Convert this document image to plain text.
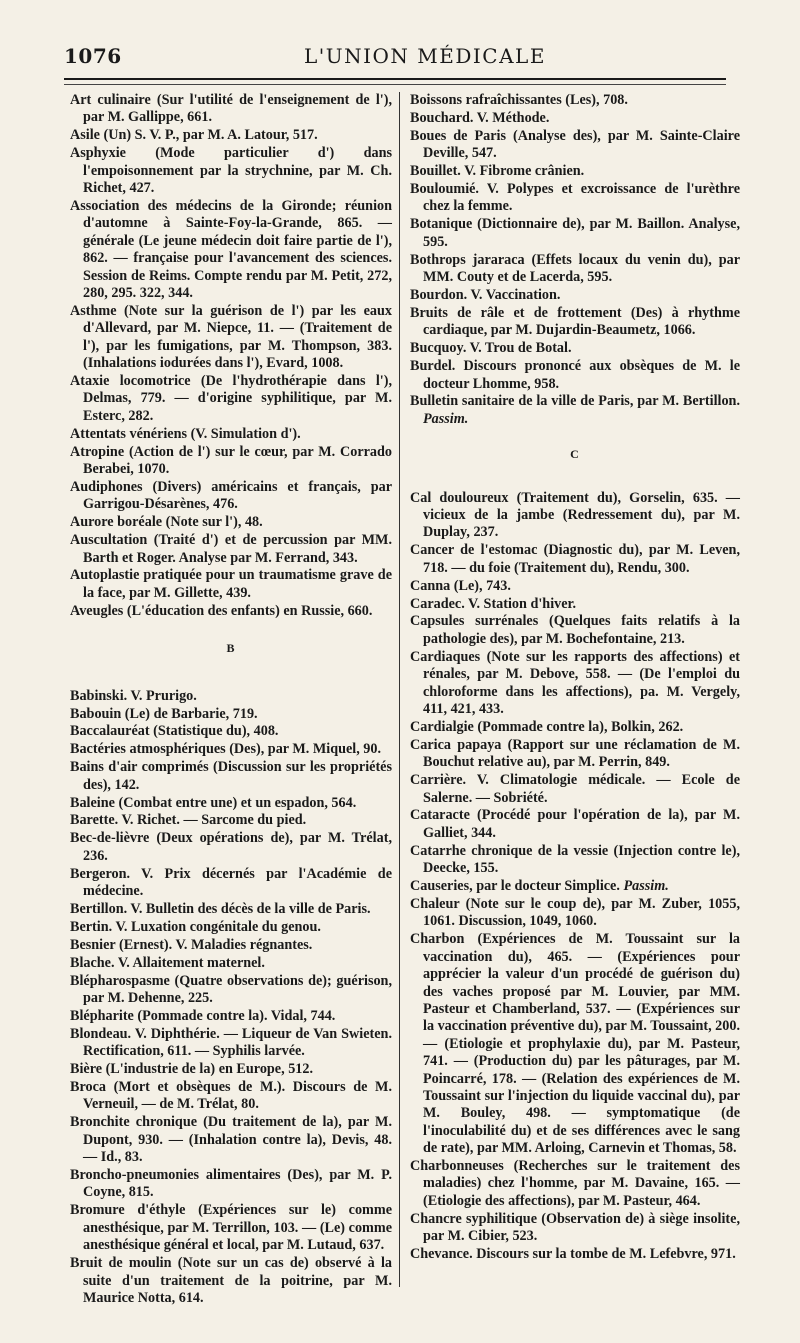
1076	L'UNION MÉDICALE
Art culinaire (Sur l'utilité de l'enseignement de l'), par M. Gallippe, 661.
Asile (Un) S. V. P., par M. A. Latour, 517.
Asphyxie (Mode particulier d') dans l'empoisonnement par la strychnine, par M. Ch. Richet, 427.
Association des médecins de la Gironde; réunion d'automne à Sainte-Foy-la-Grande, 865. — générale (Le jeune médecin doit faire partie de l'), 862. — française pour l'avancement des sciences. Session de Reims. Compte rendu par M. Petit, 272, 280, 295. 322, 344.
Asthme (Note sur la guérison de l') par les eaux d'Allevard, par M. Niepce, 11. — (Traitement de l'), par les fumigations, par M. Thompson, 383. (Inhalations iodurées dans l'), Evard, 1008.
Ataxie locomotrice (De l'hydrothérapie dans l'), Delmas, 779. — d'origine syphilitique, par M. Esterc, 282.
Attentats vénériens (V. Simulation d').
Atropine (Action de l') sur le cœur, par M. Corrado Berabei, 1070.
Audiphones (Divers) américains et français, par Garrigou-Désarènes, 476.
Aurore boréale (Note sur l'), 48.
Auscultation (Traité d') et de percussion par MM. Barth et Roger. Analyse par M. Ferrand, 343.
Autoplastie pratiquée pour un traumatisme grave de la face, par M. Gillette, 439.
Aveugles (L'éducation des enfants) en Russie, 660.
B
Babinski. V. Prurigo.
Babouin (Le) de Barbarie, 719.
Baccalauréat (Statistique du), 408.
Bactéries atmosphériques (Des), par M. Miquel, 90.
Bains d'air comprimés (Discussion sur les propriétés des), 142.
Baleine (Combat entre une) et un espadon, 564.
Barette. V. Richet. — Sarcome du pied.
Bec-de-lièvre (Deux opérations de), par M. Trélat, 236.
Bergeron. V. Prix décernés par l'Académie de médecine.
Bertillon. V. Bulletin des décès de la ville de Paris.
Bertin. V. Luxation congénitale du genou.
Besnier (Ernest). V. Maladies régnantes.
Blache. V. Allaitement maternel.
Blépharospasme (Quatre observations de); guérison, par M. Dehenne, 225.
Blépharite (Pommade contre la). Vidal, 744.
Blondeau. V. Diphthérie. — Liqueur de Van Swieten. Rectification, 611. — Syphilis larvée.
Bière (L'industrie de la) en Europe, 512.
Broca (Mort et obsèques de M.). Discours de M. Verneuil, — de M. Trélat, 80.
Bronchite chronique (Du traitement de la), par M. Dupont, 930. — (Inhalation contre la), Devis, 48. — Id., 83.
Broncho-pneumonies alimentaires (Des), par M. P. Coyne, 815.
Bromure d'éthyle (Expériences sur le) comme anesthésique, par M. Terrillon, 103. — (Le) comme anesthésique général et local, par M. Lutaud, 637.
Bruit de moulin (Note sur un cas de) observé à la suite d'un traitement de la poitrine, par M. Maurice Notta, 614.
Boissons rafraîchissantes (Les), 708.
Bouchard. V. Méthode.
Boues de Paris (Analyse des), par M. Sainte-Claire Deville, 547.
Bouillet. V. Fibrome crânien.
Bouloumié. V. Polypes et excroissance de l'urèthre chez la femme.
Botanique (Dictionnaire de), par M. Baillon. Analyse, 595.
Bothrops jararaca (Effets locaux du venin du), par MM. Couty et de Lacerda, 595.
Bourdon. V. Vaccination.
Bruits de râle et de frottement (Des) à rhythme cardiaque, par M. Dujardin-Beaumetz, 1066.
Bucquoy. V. Trou de Botal.
Burdel. Discours prononcé aux obsèques de M. le docteur Lhomme, 958.
Bulletin sanitaire de la ville de Paris, par M. Bertillon. Passim.
C
Cal douloureux (Traitement du), Gorselin, 635. — vicieux de la jambe (Redressement du), par M. Duplay, 237.
Cancer de l'estomac (Diagnostic du), par M. Leven, 718. — du foie (Traitement du), Rendu, 300.
Canna (Le), 743.
Caradec. V. Station d'hiver.
Capsules surrénales (Quelques faits relatifs à la pathologie des), par M. Bochefontaine, 213.
Cardiaques (Note sur les rapports des affections) et rénales, par M. Debove, 558. — (De l'emploi du chloroforme dans les affections), pa. M. Vergely, 411, 421, 433.
Cardialgie (Pommade contre la), Bolkin, 262.
Carica papaya (Rapport sur une réclamation de M. Bouchut relative au), par M. Perrin, 849.
Carrière. V. Climatologie médicale. — Ecole de Salerne. — Sobriété.
Cataracte (Procédé pour l'opération de la), par M. Galliet, 344.
Catarrhe chronique de la vessie (Injection contre le), Deecke, 155.
Causeries, par le docteur Simplice. Passim.
Chaleur (Note sur le coup de), par M. Zuber, 1055, 1061. Discussion, 1049, 1060.
Charbon (Expériences de M. Toussaint sur la vaccination du), 465. — (Expériences pour apprécier la valeur d'un procédé de guérison du) des vaches proposé par M. Louvier, par MM. Pasteur et Chamberland, 537. — (Expériences sur la vaccination préventive du), par M. Toussaint, 200. — (Etiologie et prophylaxie du), par M. Pasteur, 741. — (Production du) par les pâturages, par M. Poincarré, 178. — (Relation des expériences de M. Toussaint sur l'injection du liquide vaccinal du), par M. Bouley, 498. — symptomatique (de l'inoculabilité du) et de ses différences avec le sang de rate), par MM. Arloing, Carnevin et Thomas, 58.
Charbonneuses (Recherches sur le traitement des maladies) chez l'homme, par M. Davaine, 165. — (Etiologie des affections), par M. Pasteur, 464.
Chancre syphilitique (Observation de) à siège insolite, par M. Cibier, 523.
Chevance. Discours sur la tombe de M. Lefebvre, 971.
